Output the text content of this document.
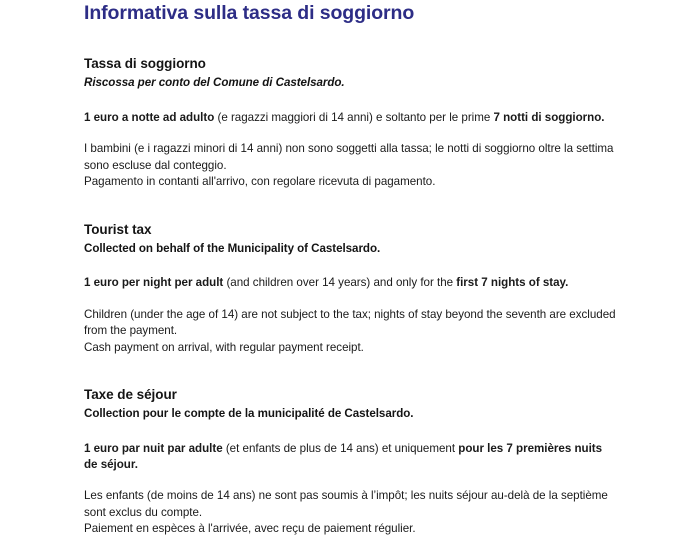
Informativa sulla tassa di soggiorno
Tassa di soggiorno
Riscossa per conto del Comune di Castelsardo.

1 euro a notte ad adulto (e ragazzi maggiori di 14 anni) e soltanto per le prime 7 notti di soggiorno.

I bambini (e i ragazzi minori di 14 anni) non sono soggetti alla tassa; le notti di soggiorno oltre la settima sono escluse dal conteggio.

Pagamento in contanti all'arrivo, con regolare ricevuta di pagamento.

Tourist tax
Collected on behalf of the Municipality of Castelsardo.

1 euro per night per adult (and children over 14 years) and only for the first 7 nights of stay.

Children (under the age of 14) are not subject to the tax; nights of stay beyond the seventh are excluded from the payment.

Cash payment on arrival, with regular payment receipt.

Taxe de séjour
Collection pour le compte de la municipalité de Castelsardo.

1 euro par nuit par adulte (et enfants de plus de 14 ans) et uniquement pour les 7 premières nuits de séjour.

Les enfants (de moins de 14 ans) ne sont pas soumis à l’impôt; les nuits séjour au-delà de la septième sont exclus du compte.

Paiement en espèces à l'arrivée, avec reçu de paiement régulier.
